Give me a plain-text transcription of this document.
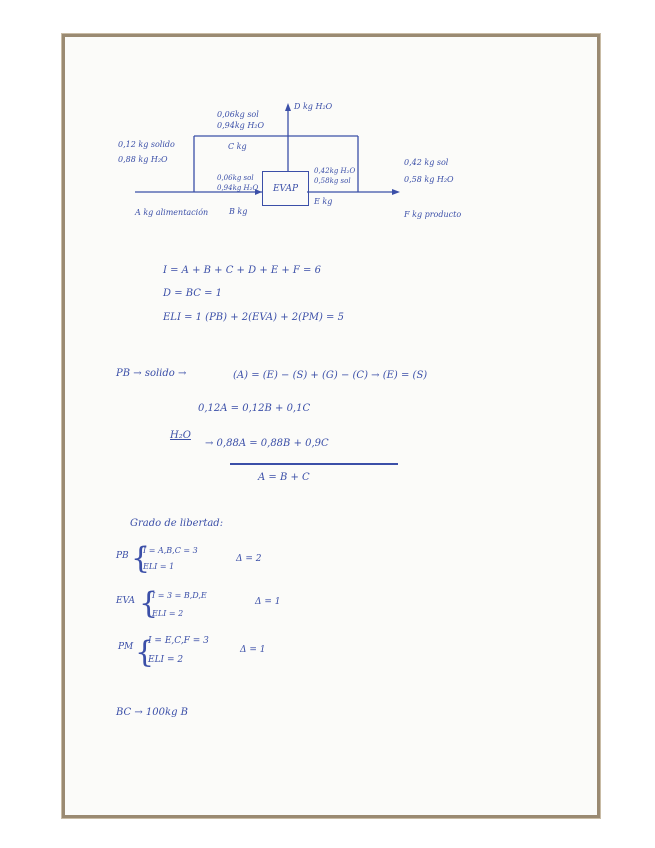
EVAP
0,06kg sol
0,94kg H₂O
D kg H₂O
0,12 kg solido
0,88 kg H₂O
C kg
0,06kg sol
0,94kg H₂O
0,42kg H₂O
0,58kg sol
0,42 kg sol
0,58 kg H₂O
A kg alimentación	B kg
E kg
F kg producto
I = A + B + C + D + E + F = 6
D = BC = 1
ELI = 1 (PB) + 2(EVA) + 2(PM) = 5
PB → solido →	(A) = (E) − (S) + (G) − (C) → (E) = (S)
0,12A = 0,12B + 0,1C
H₂O
→ 0,88A = 0,88B + 0,9C
A = B + C
Grado de libertad:
PB {
I = A,B,C = 3
ELI = 1
Δ = 2
EVA {
I = 3 = B,D,E
ELI = 2
Δ = 1
PM {
I = E,C,F = 3
ELI = 2
Δ = 1
BC → 100kg B
